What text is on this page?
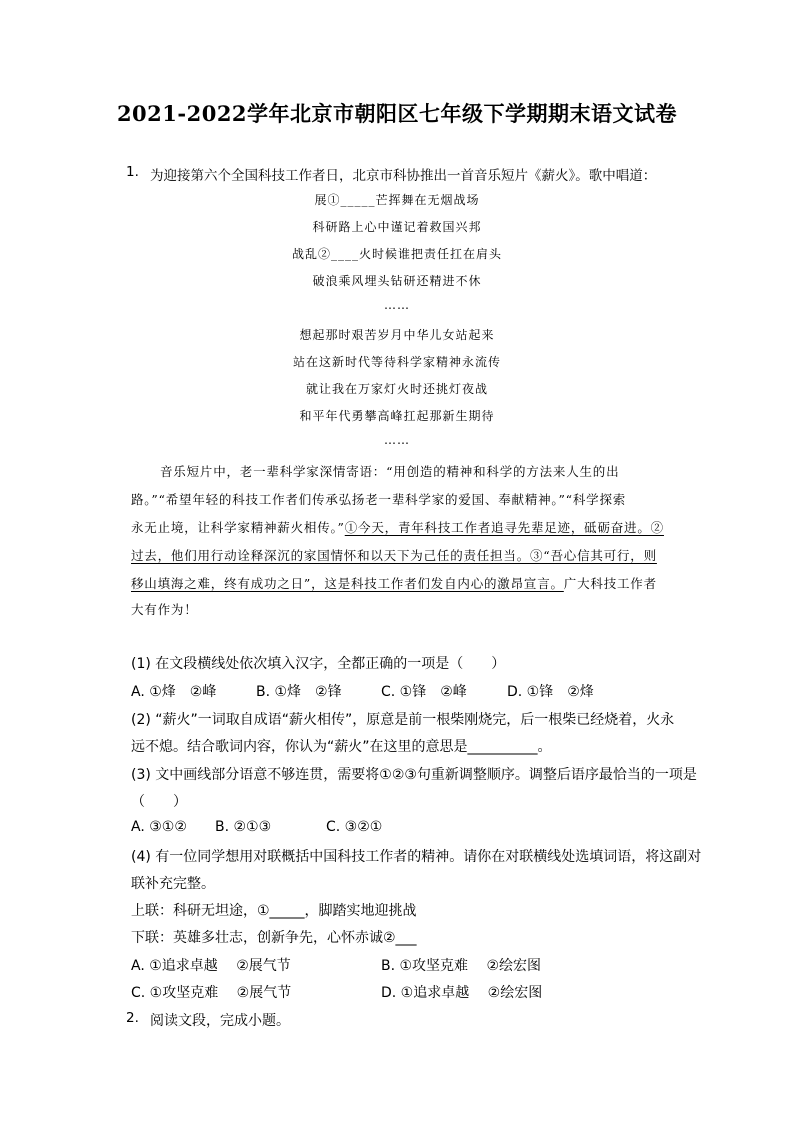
2021-2022学年北京市朝阳区七年级下学期期末语文试卷
1. 为迎接第六个全国科技工作者日，北京市科协推出一首音乐短片《薪火》。歌中唱道：
展①_____芒挥舞在无烟战场
科研路上心中谨记着救国兴邦
战乱②____火时候谁把责任扛在肩头
破浪乘风埋头钻研还精进不休
……
想起那时艰苦岁月中华儿女站起来
站在这新时代等待科学家精神永流传
就让我在万家灯火时还挑灯夜战
和平年代勇攀高峰扛起那新生期待
……
音乐短片中，老一辈科学家深情寄语：“用创造的精神和科学的方法来人生的出
路。”“希望年轻的科技工作者们传承弘扬老一辈科学家的爱国、奉献精神。”“科学探索
永无止境，让科学家精神薪火相传。”①今天，青年科技工作者追寻先辈足迹，砥砺奋进。②
过去，他们用行动诠释深沉的家国情怀和以天下为己任的责任担当。③“吾心信其可行，则
移山填海之难，终有成功之日”，这是科技工作者们发自内心的激昂宣言。广大科技工作者
大有作为！
(1) 在文段横线处依次填入汉字，全都正确的一项是（　　）
A. ①烽　②峰	B. ①烽　②锋	C. ①锋　②峰	D. ①锋　②烽
(2) “薪火”一词取自成语“薪火相传”，原意是前一根柴刚烧完，后一根柴已经烧着，火永
远不熄。结合歌词内容，你认为“薪火”在这里的意思是__________。
(3) 文中画线部分语意不够连贯，需要将①②③句重新调整顺序。调整后语序最恰当的一项是
（　　）
A. ③①② B. ②①③	C. ③②①
(4) 有一位同学想用对联概括中国科技工作者的精神。请你在对联横线处选填词语，将这副对
联补充完整。
上联：科研无坦途，①_____，脚踏实地迎挑战
下联：英雄多壮志，创新争先，心怀赤诚②___
A. ①追求卓越　 ②展气节	B. ①攻坚克难　 ②绘宏图
C. ①攻坚克难　 ②展气节	D. ①追求卓越　 ②绘宏图
2. 阅读文段，完成小题。
